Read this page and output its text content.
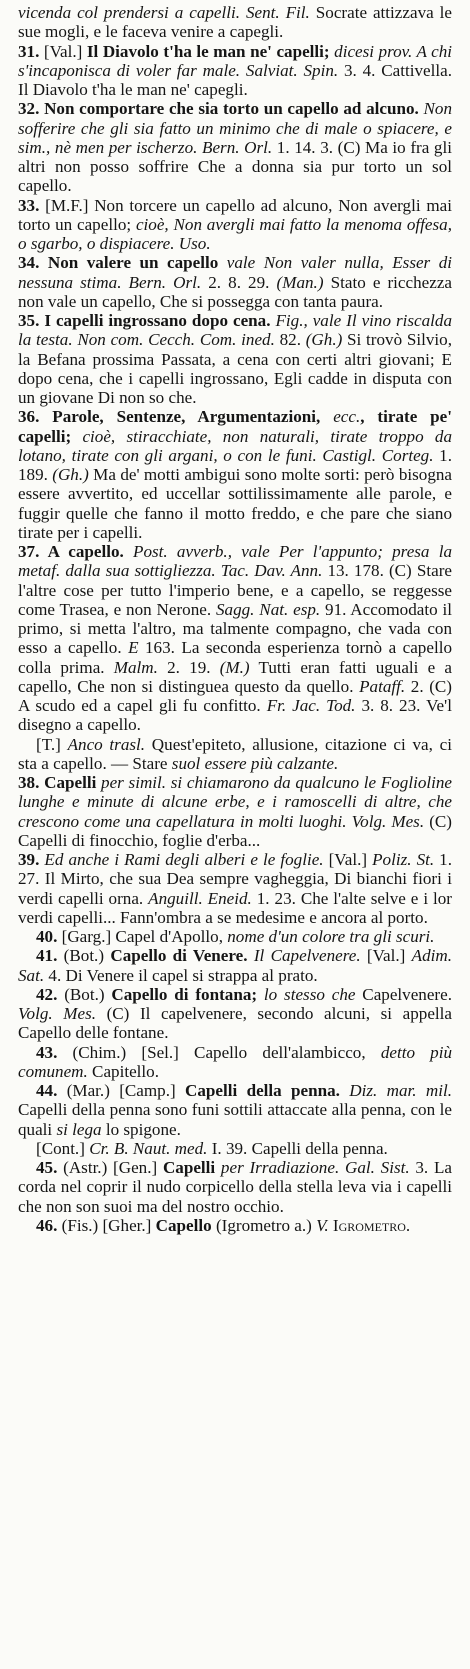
vicenda col prendersi a capelli. Sent. Fil. Socrate attizzava le sue mogli, e le faceva venire a capegli.

31. [Val.] Il Diavolo t'ha le man ne' capelli; dicesi prov. A chi s'incaponisca di voler far male. Salviat. Spin. 3. 4. Cattivella. Il Diavolo t'ha le man ne' capegli.

32. Non comportare che sia torto un capello ad alcuno. Non sofferire che gli sia fatto un minimo che di male o spiacere, e sim., nè men per ischerzo. Bern. Orl. 1. 14. 3. (C) Ma io fra gli altri non posso soffrire Che a donna sia pur torto un sol capello.

33. [M.F.] Non torcere un capello ad alcuno, Non avergli mai torto un capello; cioè, Non avergli mai fatto la menoma offesa, o sgarbo, o dispiacere. Uso.

34. Non valere un capello vale Non valer nulla, Esser di nessuna stima. Bern. Orl. 2. 8. 29. (Man.) Stato e ricchezza non vale un capello, Che si possegga con tanta paura.

35. I capelli ingrossano dopo cena. Fig., vale Il vino riscalda la testa. Non com. Cecch. Com. ined. 82. (Gh.) Si trovò Silvio, la Befana prossima Passata, a cena con certi altri giovani; E dopo cena, che i capelli ingrossano, Egli cadde in disputa con un giovane Di non so che.

36. Parole, Sentenze, Argumentazioni, ecc., tirate pe' capelli; cioè, stiracchiate, non naturali, tirate troppo da lotano, tirate con gli argani, o con le funi. Castigl. Corteg. 1. 189. (Gh.) Ma de' motti ambigui sono molte sorti: però bisogna essere avvertito, ed uccellar sottilissimamente alle parole, e fuggir quelle che fanno il motto freddo, e che pare che siano tirate per i capelli.

37. A capello. Post. avverb., vale Per l'appunto; presa la metaf. dalla sua sottigliezza. Tac. Dav. Ann. 13. 178. (C) Stare l'altre cose per tutto l'imperio bene, e a capello, se reggesse come Trasea, e non Nerone. Sagg. Nat. esp. 91. Accomodato il primo, si metta l'altro, ma talmente compagno, che vada con esso a capello. E 163. La seconda esperienza tornò a capello colla prima. Malm. 2. 19. (M.) Tutti eran fatti uguali e a capello, Che non si distinguea questo da quello. Pataff. 2. (C) A scudo ed a capel gli fu confitto. Fr. Jac. Tod. 3. 8. 23. Ve'l disegno a capello.

[T.] Anco trasl. Quest'epiteto, allusione, citazione ci va, ci sta a capello. — Stare suol essere più calzante.

38. Capelli per simil. si chiamarono da qualcuno le Foglioline lunghe e minute di alcune erbe, e i ramoscelli di altre, che crescono come una capellatura in molti luoghi. Volg. Mes. (C) Capelli di finocchio, foglie d'erba...

39. Ed anche i Rami degli alberi e le foglie. [Val.] Poliz. St. 1. 27. Il Mirto, che sua Dea sempre vagheggia, Di bianchi fiori i verdi capelli orna. Anguill. Eneid. 1. 23. Che l'alte selve e i lor verdi capelli... Fann'ombra a se medesime e ancora al porto.

40. [Garg.] Capel d'Apollo, nome d'un colore tra gli scuri.

41. (Bot.) Capello di Venere. Il Capelvenere. [Val.] Adim. Sat. 4. Di Venere il capel si strappa al prato.

42. (Bot.) Capello di fontana; lo stesso che Capelvenere. Volg. Mes. (C) Il capelvenere, secondo alcuni, si appella Capello delle fontane.

43. (Chim.) [Sel.] Capello dell'alambicco, detto più comunem. Capitello.

44. (Mar.) [Camp.] Capelli della penna. Diz. mar. mil. Capelli della penna sono funi sottili attaccate alla penna, con le quali si lega lo spigone.

[Cont.] Cr. B. Naut. med. I. 39. Capelli della penna.

45. (Astr.) [Gen.] Capelli per Irradiazione. Gal. Sist. 3. La corda nel coprir il nudo corpicello della stella leva via i capelli che non son suoi ma del nostro occhio.

46. (Fis.) [Gher.] Capello (Igrometro a.) V. Igrometro.
